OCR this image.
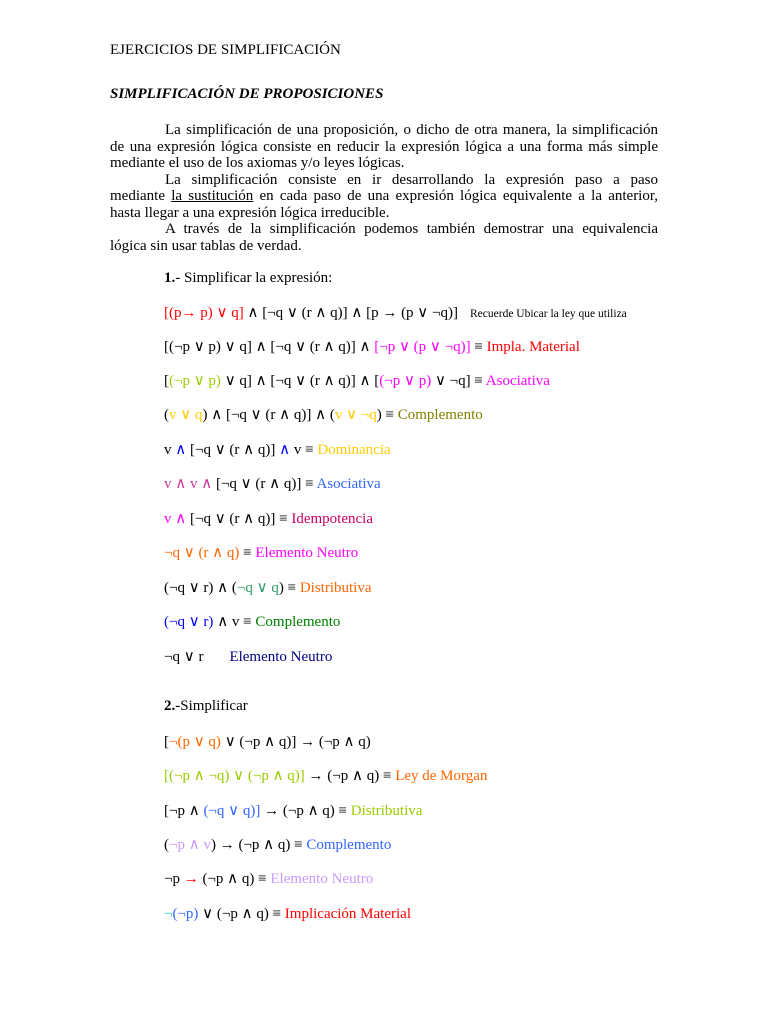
EJERCICIOS DE SIMPLIFICACIÓN
SIMPLIFICACIÓN DE PROPOSICIONES
La simplificación de una proposición, o dicho de otra manera, la simplificación
de una expresión lógica consiste en reducir la expresión lógica a una forma más simple
mediante el uso de los axiomas y/o leyes lógicas.
La simplificación consiste en ir desarrollando la expresión paso a paso
mediante la sustitución en cada paso de una expresión lógica equivalente a la anterior,
hasta llegar a una expresión lógica irreducible.
A través de la simplificación podemos también demostrar una equivalencia
lógica sin usar tablas de verdad.
1.- Simplificar la expresión:
[(p→ p) ∨ q] ∧ [¬q ∨ (r ∧ q)] ∧ [p → (p ∨ ¬q)] Recuerde Ubicar la ley que utiliza
[(¬p ∨ p) ∨ q] ∧ [¬q ∨ (r ∧ q)] ∧ [¬p ∨ (p ∨ ¬q)] ≡ Impla. Material
[(¬p ∨ p) ∨ q] ∧ [¬q ∨ (r ∧ q)] ∧ [(¬p ∨ p) ∨ ¬q] ≡ Asociativa
(v ∨ q) ∧ [¬q ∨ (r ∧ q)] ∧ (v ∨ ¬q) ≡ Complemento
v ∧ [¬q ∨ (r ∧ q)] ∧ v ≡ Dominancia
v ∧ v ∧ [¬q ∨ (r ∧ q)] ≡ Asociativa
v ∧ [¬q ∨ (r ∧ q)] ≡ Idempotencia
¬q ∨ (r ∧ q) ≡ Elemento Neutro
(¬q ∨ r) ∧ (¬q ∨ q) ≡ Distributiva
(¬q ∨ r) ∧ v ≡ Complemento
¬q ∨ r Elemento Neutro
2.-Simplificar
[¬(p ∨ q) ∨ (¬p ∧ q)] → (¬p ∧ q)
[(¬p ∧ ¬q) ∨ (¬p ∧ q)] → (¬p ∧ q) ≡ Ley de Morgan
[¬p ∧ (¬q ∨ q)] → (¬p ∧ q) ≡ Distributiva
(¬p ∧ v) → (¬p ∧ q) ≡ Complemento
¬p → (¬p ∧ q) ≡ Elemento Neutro
¬(¬p) ∨ (¬p ∧ q) ≡ Implicación Material
